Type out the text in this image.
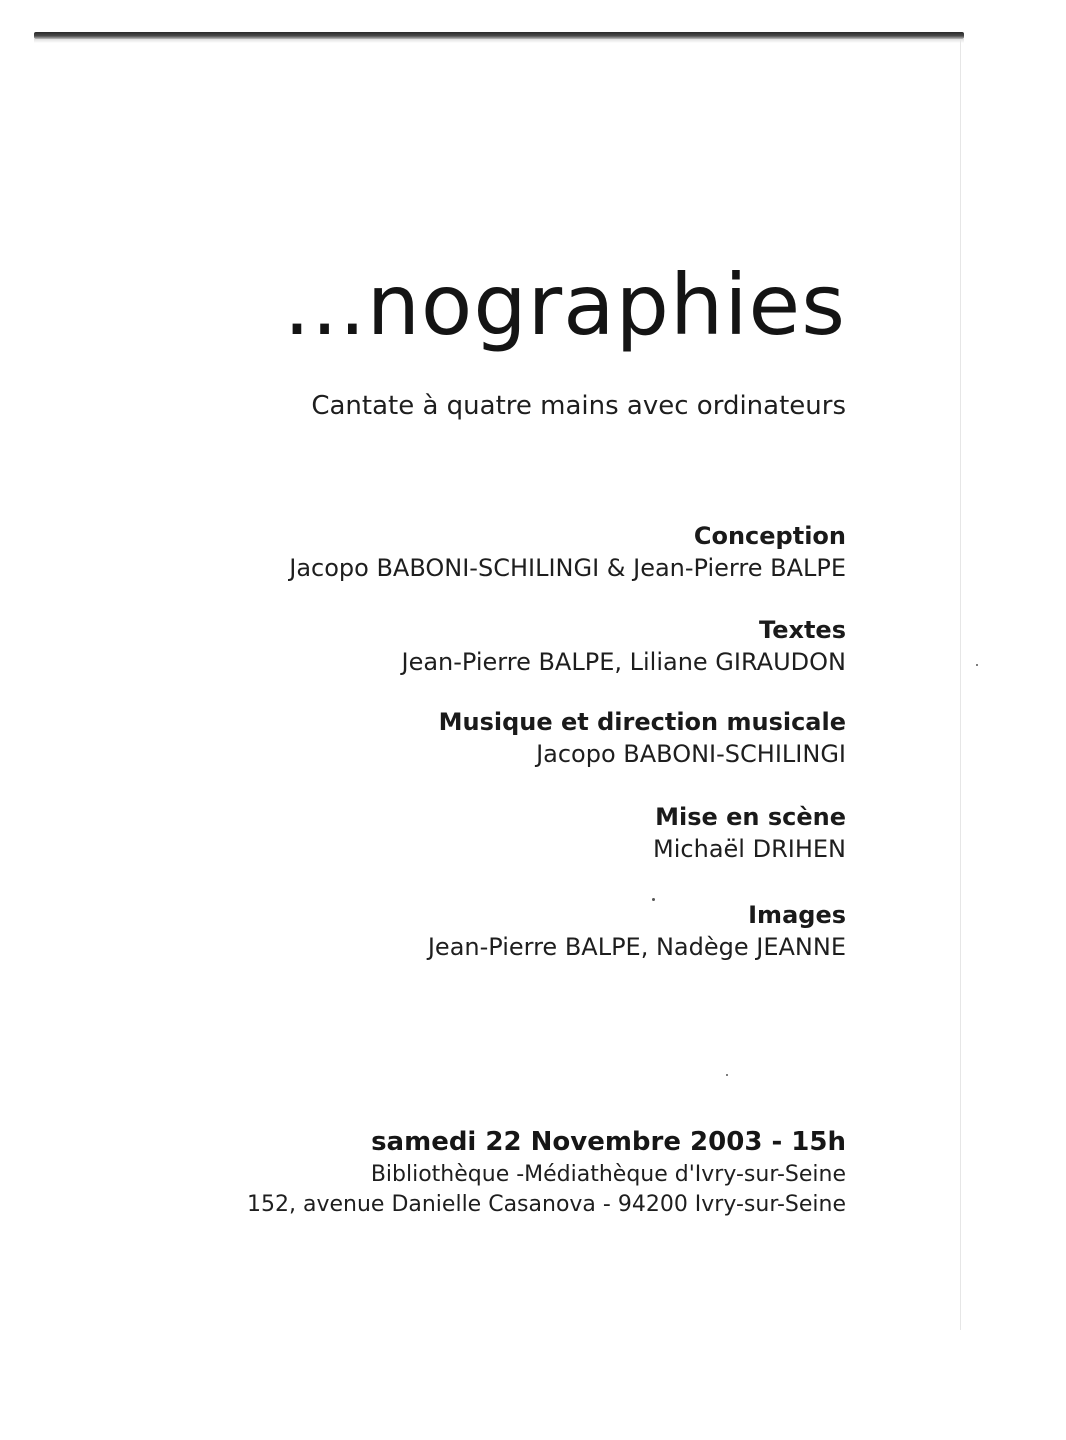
...nographies
Cantate à quatre mains avec ordinateurs
Conception
Jacopo BABONI-SCHILINGI & Jean-Pierre BALPE
Textes
Jean-Pierre BALPE, Liliane GIRAUDON
Musique et direction musicale
Jacopo BABONI-SCHILINGI
Mise en scène
Michaël DRIHEN
Images
Jean-Pierre BALPE, Nadège JEANNE
samedi 22 Novembre 2003 - 15h
Bibliothèque -Médiathèque d'Ivry-sur-Seine
152, avenue Danielle Casanova - 94200 Ivry-sur-Seine
